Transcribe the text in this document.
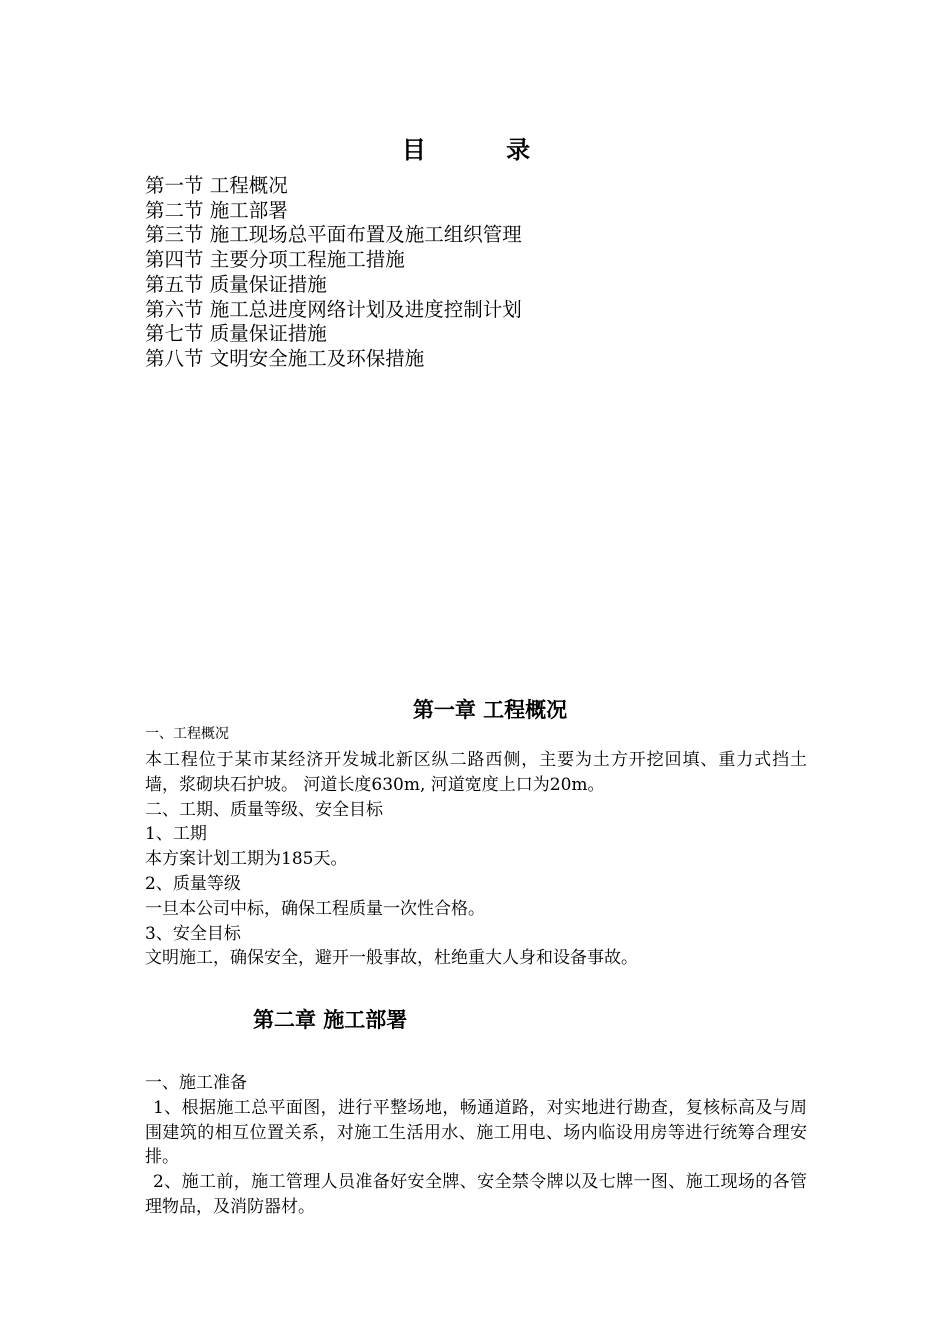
目 录
第一节 工程概况
第二节 施工部署
第三节 施工现场总平面布置及施工组织管理
第四节 主要分项工程施工措施
第五节 质量保证措施
第六节 施工总进度网络计划及进度控制计划
第七节 质量保证措施
第八节 文明安全施工及环保措施
第一章 工程概况
一、工程概况

本工程位于某市某经济开发城北新区纵二路西侧，主要为土方开挖回填、重力式挡土墙，浆砌块石护坡。 河道长度630m, 河道宽度上口为20m。

二、工期、质量等级、安全目标

1、工期

本方案计划工期为185天。

2、质量等级

一旦本公司中标，确保工程质量一次性合格。

3、安全目标

文明施工，确保安全，避开一般事故，杜绝重大人身和设备事故。

第二章 施工部署

一、施工准备

1、根据施工总平面图，进行平整场地，畅通道路，对实地进行勘查，复核标高及与周围建筑的相互位置关系，对施工生活用水、施工用电、场内临设用房等进行统筹合理安排。

2、施工前，施工管理人员准备好安全牌、安全禁令牌以及七牌一图、施工现场的各管理物品，及消防器材。
